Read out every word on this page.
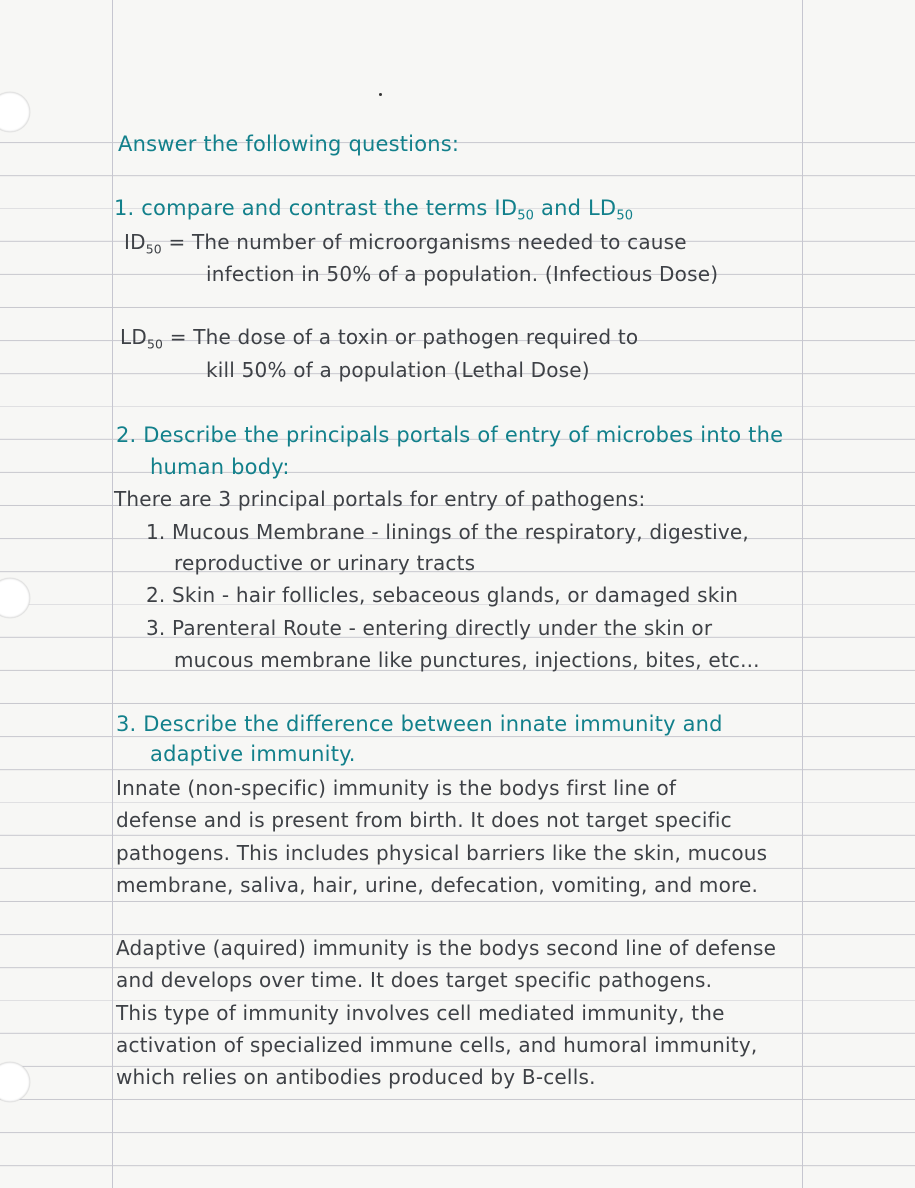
Answer the following questions:
1. compare and contrast the terms $ID_{50}$ and $LD_{50}$
$ID_{50}$ = The number of microorganisms needed to cause
infection in 50% of a population. (Infectious Dose)
$LD_{50}$ = The dose of a toxin or pathogen required to
kill 50% of a population (Lethal Dose)
2. Describe the principals portals of entry of microbes into the
human body:
There are 3 principal portals for entry of pathogens:
1. Mucous Membrane - linings of the respiratory, digestive,
reproductive or urinary tracts
2. Skin - hair follicles, sebaceous glands, or damaged skin
3. Parenteral Route - entering directly under the skin or
mucous membrane like punctures, injections, bites, etc...
3. Describe the difference between innate immunity and
adaptive immunity.
Innate (non-specific) immunity is the bodys first line of
defense and is present from birth. It does not target specific
pathogens. This includes physical barriers like the skin, mucous
membrane, saliva, hair, urine, defecation, vomiting, and more.
Adaptive (aquired) immunity is the bodys second line of defense
and develops over time. It does target specific pathogens.
This type of immunity involves cell mediated immunity, the
activation of specialized immune cells, and humoral immunity,
which relies on antibodies produced by B-cells.
